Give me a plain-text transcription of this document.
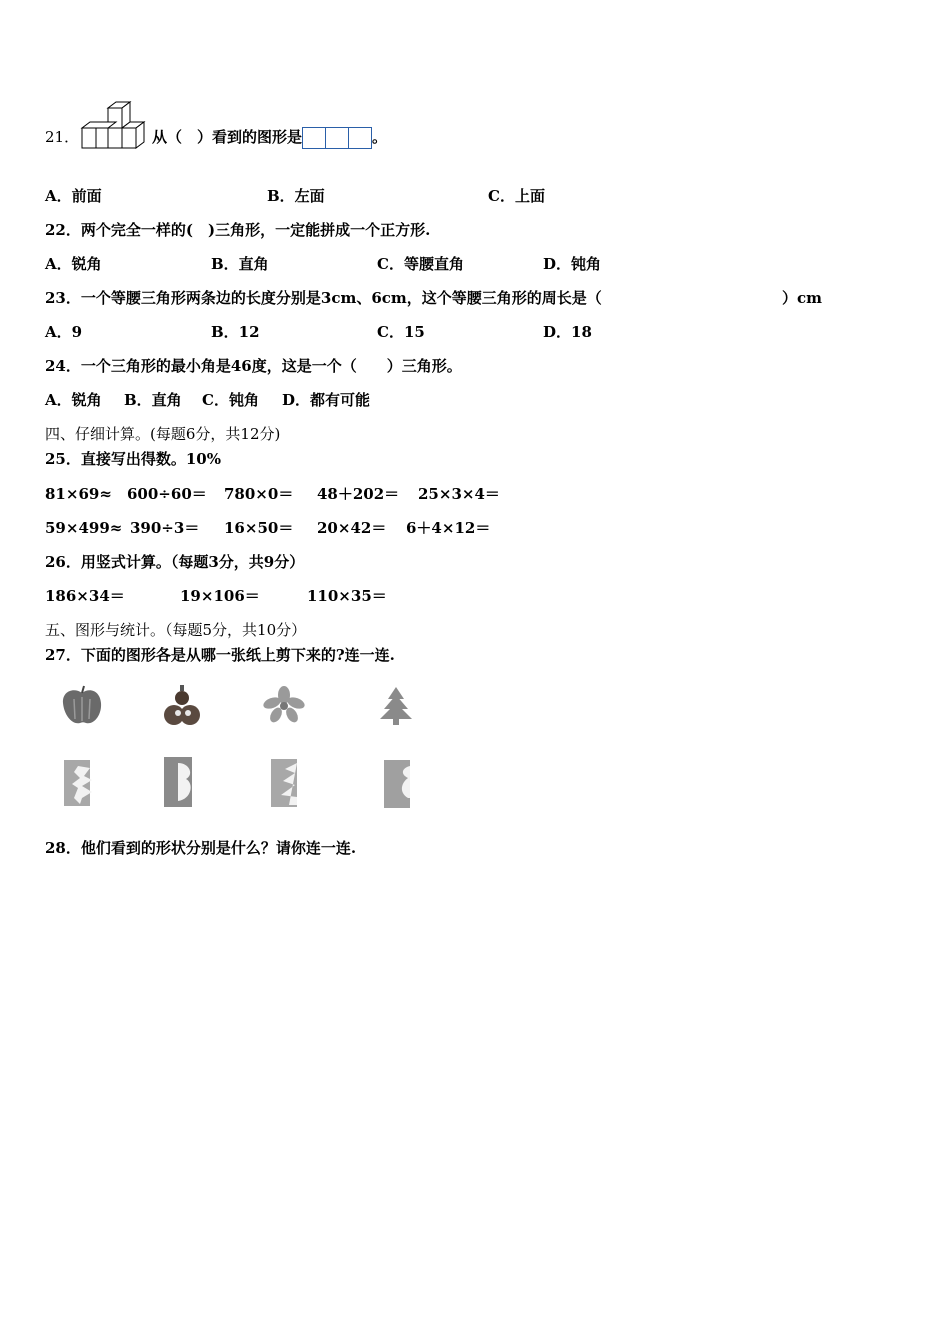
21．	从（　）看到的图形是	。
A．前面	B．左面	C．上面
22．两个完全一样的(　)三角形，一定能拼成一个正方形.
A．锐角	B．直角	C．等腰直角	D．钝角
23．一个等腰三角形两条边的长度分别是3cm、6cm，这个等腰三角形的周长是（	）cm
A．9	B．12	C．15	D．18
24．一个三角形的最小角是46度，这是一个（　　）三角形。
A．锐角 B．直角 C．钝角 D．都有可能
四、仔细计算。(每题6分，共12分)
25．直接写出得数。10%
81×69≈ 600÷60＝ 780×0＝ 48＋202＝ 25×3×4＝
59×499≈ 390÷3＝ 16×50＝ 20×42＝ 6＋4×12＝
26．用竖式计算。（每题3分，共9分）
186×34＝	19×106＝	110×35＝
五、图形与统计。（每题5分，共10分）
27．下面的图形各是从哪一张纸上剪下来的?连一连.
28．他们看到的形状分别是什么？请你连一连.
